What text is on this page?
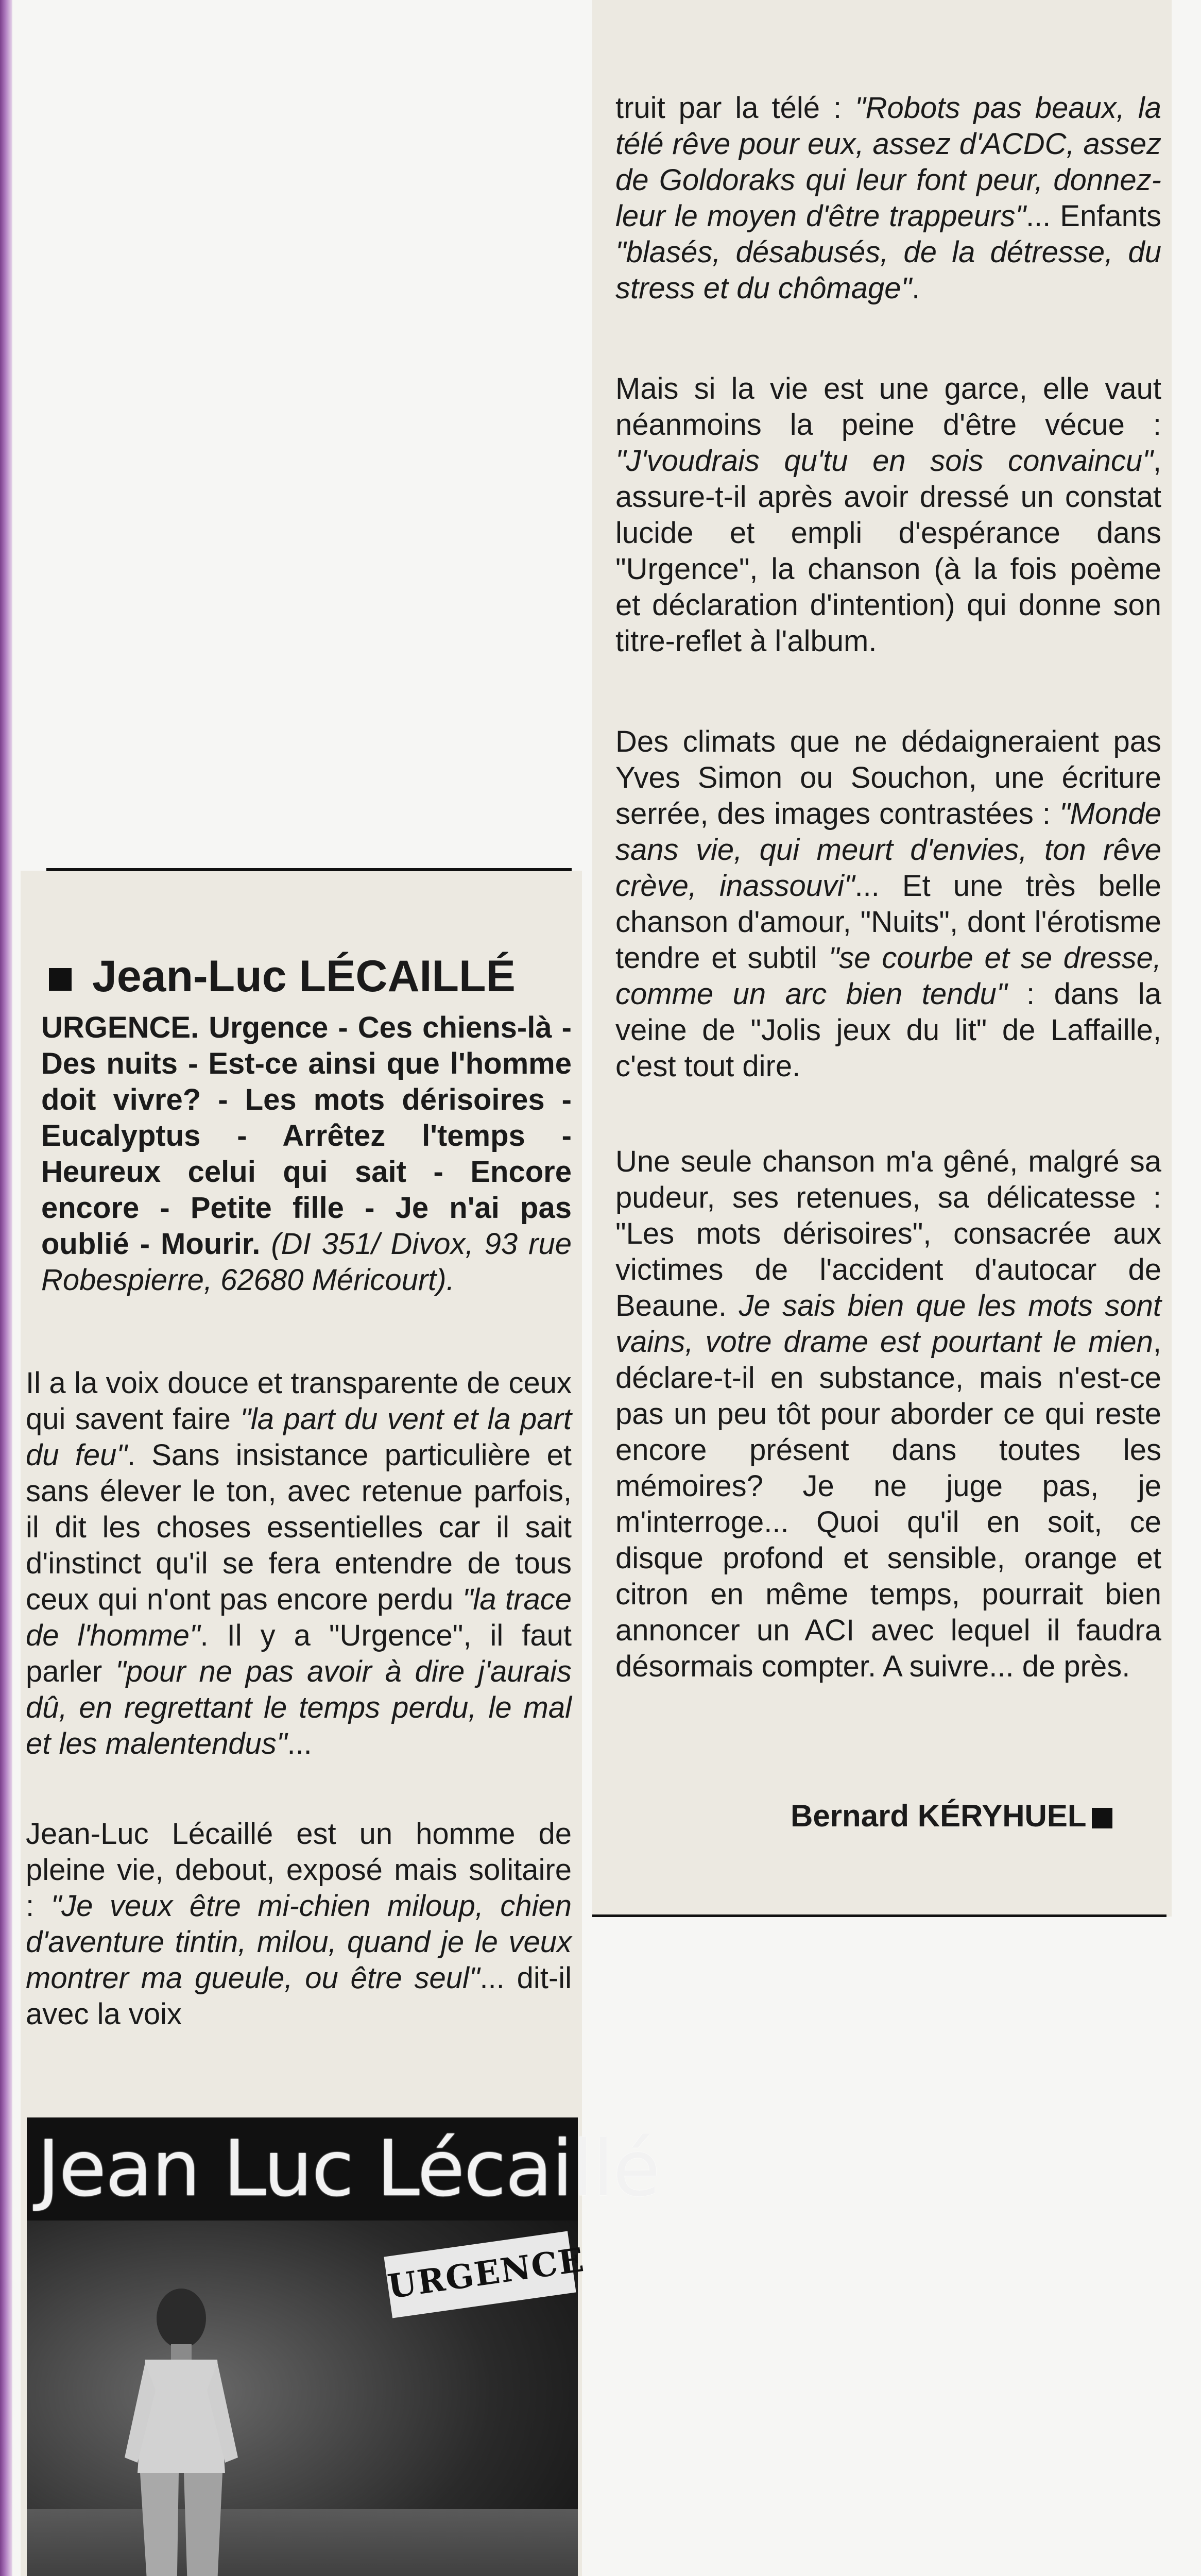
truit par la télé : "Robots pas beaux, la télé rêve pour eux, assez d'ACDC, assez de Goldoraks qui leur font peur, donnez-leur le moyen d'être trappeurs"... Enfants "blasés, désabusés, de la détresse, du stress et du chômage".
Mais si la vie est une garce, elle vaut néanmoins la peine d'être vécue : "J'voudrais qu'tu en sois convaincu", assure-t-il après avoir dressé un constat lucide et empli d'espérance dans "Urgence", la chanson (à la fois poème et déclaration d'intention) qui donne son titre-reflet à l'album.
Des climats que ne dédaigneraient pas Yves Simon ou Souchon, une écriture serrée, des images contrastées : "Monde sans vie, qui meurt d'envies, ton rêve crève, inassouvi"... Et une très belle chanson d'amour, "Nuits", dont l'érotisme tendre et subtil "se courbe et se dresse, comme un arc bien tendu" : dans la veine de "Jolis jeux du lit" de Laffaille, c'est tout dire.
Une seule chanson m'a gêné, malgré sa pudeur, ses retenues, sa délicatesse : "Les mots dérisoires", consacrée aux victimes de l'accident d'autocar de Beaune. Je sais bien que les mots sont vains, votre drame est pourtant le mien, déclare-t-il en substance, mais n'est-ce pas un peu tôt pour aborder ce qui reste encore présent dans toutes les mémoires? Je ne juge pas, je m'interroge... Quoi qu'il en soit, ce disque profond et sensible, orange et citron en même temps, pourrait bien annoncer un ACI avec lequel il faudra désormais compter. A suivre... de près.
Bernard KÉRYHUEL
Jean-Luc LÉCAILLÉ
URGENCE. Urgence - Ces chiens-là - Des nuits - Est-ce ainsi que l'homme doit vivre? - Les mots dérisoires - Eucalyptus - Arrêtez l'temps - Heureux celui qui sait - Encore encore - Petite fille - Je n'ai pas oublié - Mourir. (DI 351/ Divox, 93 rue Robespierre, 62680 Méricourt).
Il a la voix douce et transparente de ceux qui savent faire "la part du vent et la part du feu". Sans insistance particulière et sans élever le ton, avec retenue parfois, il dit les choses essentielles car il sait d'instinct qu'il se fera entendre de tous ceux qui n'ont pas encore perdu "la trace de l'homme". Il y a "Urgence", il faut parler "pour ne pas avoir à dire j'aurais dû, en regrettant le temps perdu, le mal et les malentendus"...
Jean-Luc Lécaillé est un homme de pleine vie, debout, exposé mais solitaire : "Je veux être mi-chien miloup, chien d'aventure tintin, milou, quand je le veux montrer ma gueule, ou être seul"... dit-il avec la voix
Jean Luc Lécaillé
URGENCE
